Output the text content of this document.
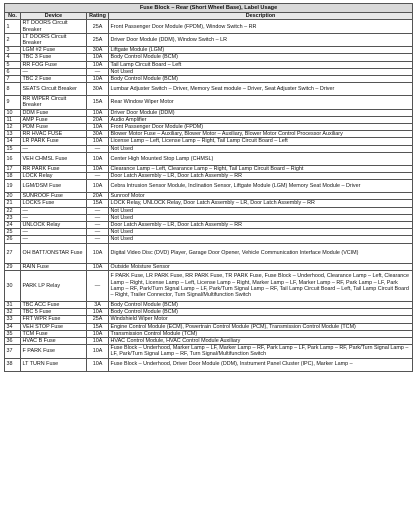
Fuse Block – Rear (Short Wheel Base), Label Usage			
No.	Device	Rating	Description
1	RT DOORS Circuit Breaker	25A	Front Passenger Door Module (FPDM), Window Switch – RR
2	LT DOORS Circuit Breaker	25A	Driver Door Module (DDM), Window Switch – LR
3	LGM #2 Fuse	30A	Liftgate Module (LGM)
4	TBC 3 Fuse	10A	Body Control Module (BCM)
5	RR FOG Fuse	10A	Tail Lamp Circuit Board – Left
6	—	—	Not Used
7	TBC 2 Fuse	10A	Body Control Module (BCM)
8	SEATS Circuit Breaker	30A	Lumbar Adjuster Switch – Driver, Memory Seat module – Driver, Seat Adjuster Switch – Driver
9	RR WIPER Circuit Breaker	15A	Rear Window Wiper Motor
10	DDM Fuse	10A	Driver Door Module (DDM)
11	AMP Fuse	20A	Audio Amplifier
12	PDM Fuse	10A	Front Passenger Door Module (FPDM)
13	RR HVAC FUSE	30A	Blower Motor Fuse – Auxiliary, Blower Motor – Auxiliary, Blower Motor Control Processor Auxiliary
14	LR PARK Fuse	10A	License Lamp – Left, License Lamp – Right, Tail Lamp Circuit Board – Left
15	—	—	Not Used
16	VEH CHMSL Fuse	10A	Center High Mounted Stop Lamp (CHMSL)
17	RR PARK Fuse	10A	Clearance Lamp – Left, Clearance Lamp – Right, Tail Lamp Circuit Board – Right
18	LOCK Relay	—	Door Latch Assembly – LR, Door Latch Assembly – RR
19	LGM/DSM Fuse	10A	Cebra Intrusion Sensor Module, Inclination Sensor, Liftgate Module (LGM) Memory Seat Module – Driver
20	SUNROOF Fuse	20A	Sunroof Motor
21	LOCKS Fuse	15A	LOCK Relay, UNLOCK Relay, Door Latch Assembly – LR, Door Latch Assembly – RR
22	—	—	Not Used
23	—	—	Not Used
24	UNLOCK Relay	—	Door Latch Assembly – LR, Door Latch Assembly – RR
25	—	—	Not Used
26	—	—	Not Used
27	OH BATT/ONSTAR Fuse	10A	Digital Video Disc (DVD) Player, Garage Door Opener, Vehicle Communication Interface Module (VCIM)
29	RAIN Fuse	10A	Outside Moisture Sensor
30	PARK LP Relay	—	F PARK Fuse, LR PARK Fuse, RR PARK Fuse, TR PARK Fuse, Fuse Block – Underhood, Clearance Lamp – Left, Clearance Lamp – Right, License Lamp – Left, License Lamp – Right, Marker Lamp – LF, Marker Lamp – RF, Park Lamp – LF, Park Lamp – RF, Park/Turn Signal Lamp – LF, Park/Turn Signal Lamp – RF, Tail Lamp Circuit Board – Left, Tail Lamp Circuit Board – Right, Trailer Connector, Turn Signal/Multifunction Switch
31	TBC ACC Fuse	3A	Body Control Module (BCM)
32	TBC 5 Fuse	10A	Body Control Module (BCM)
33	FRT WPR Fuse	25A	Windshield Wiper Motor
34	VEH STOP Fuse	15A	Engine Control Module (ECM), Powertrain Control Module (PCM), Transmission Control Module (TCM)
35	TCM Fuse	10A	Transmission Control Module (TCM)
36	HVAC B Fuse	10A	HVAC Control Module, HVAC Control Module Auxiliary
37	F PARK Fuse	10A	Fuse Block – Underhood, Marker Lamp – LF, Marker Lamp – RF, Park Lamp – LF, Park Lamp – RF, Park/Turn Signal Lamp – LF, Park/Turn Signal Lamp – RF, Turn Signal/Multifunction Switch
38	LT TURN Fuse	10A	Fuse Block – Underhood, Driver Door Module (DDM), Instrument Panel Cluster (IPC), Marker Lamp –
